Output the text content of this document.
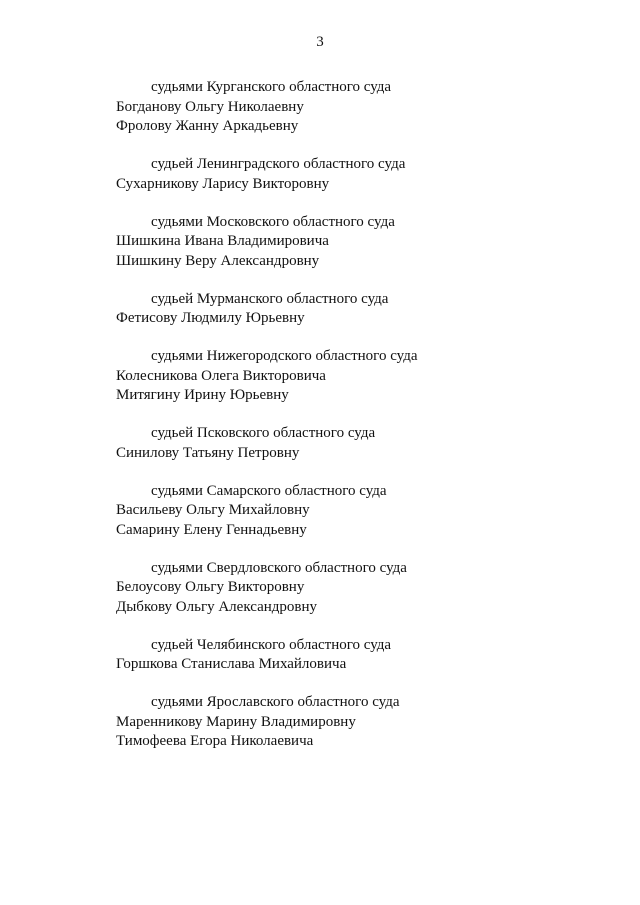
3
судьями Курганского областного суда
Богданову Ольгу Николаевну
Фролову Жанну Аркадьевну
судьей Ленинградского областного суда
Сухарникову Ларису Викторовну
судьями Московского областного суда
Шишкина Ивана Владимировича
Шишкину Веру Александровну
судьей Мурманского областного суда
Фетисову Людмилу Юрьевну
судьями Нижегородского областного суда
Колесникова Олега Викторовича
Митягину Ирину Юрьевну
судьей Псковского областного суда
Синилову Татьяну Петровну
судьями Самарского областного суда
Васильеву Ольгу Михайловну
Самарину Елену Геннадьевну
судьями Свердловского областного суда
Белоусову Ольгу Викторовну
Дыбкову Ольгу Александровну
судьей Челябинского областного суда
Горшкова Станислава Михайловича
судьями Ярославского областного суда
Маренникову Марину Владимировну
Тимофеева Егора Николаевича
